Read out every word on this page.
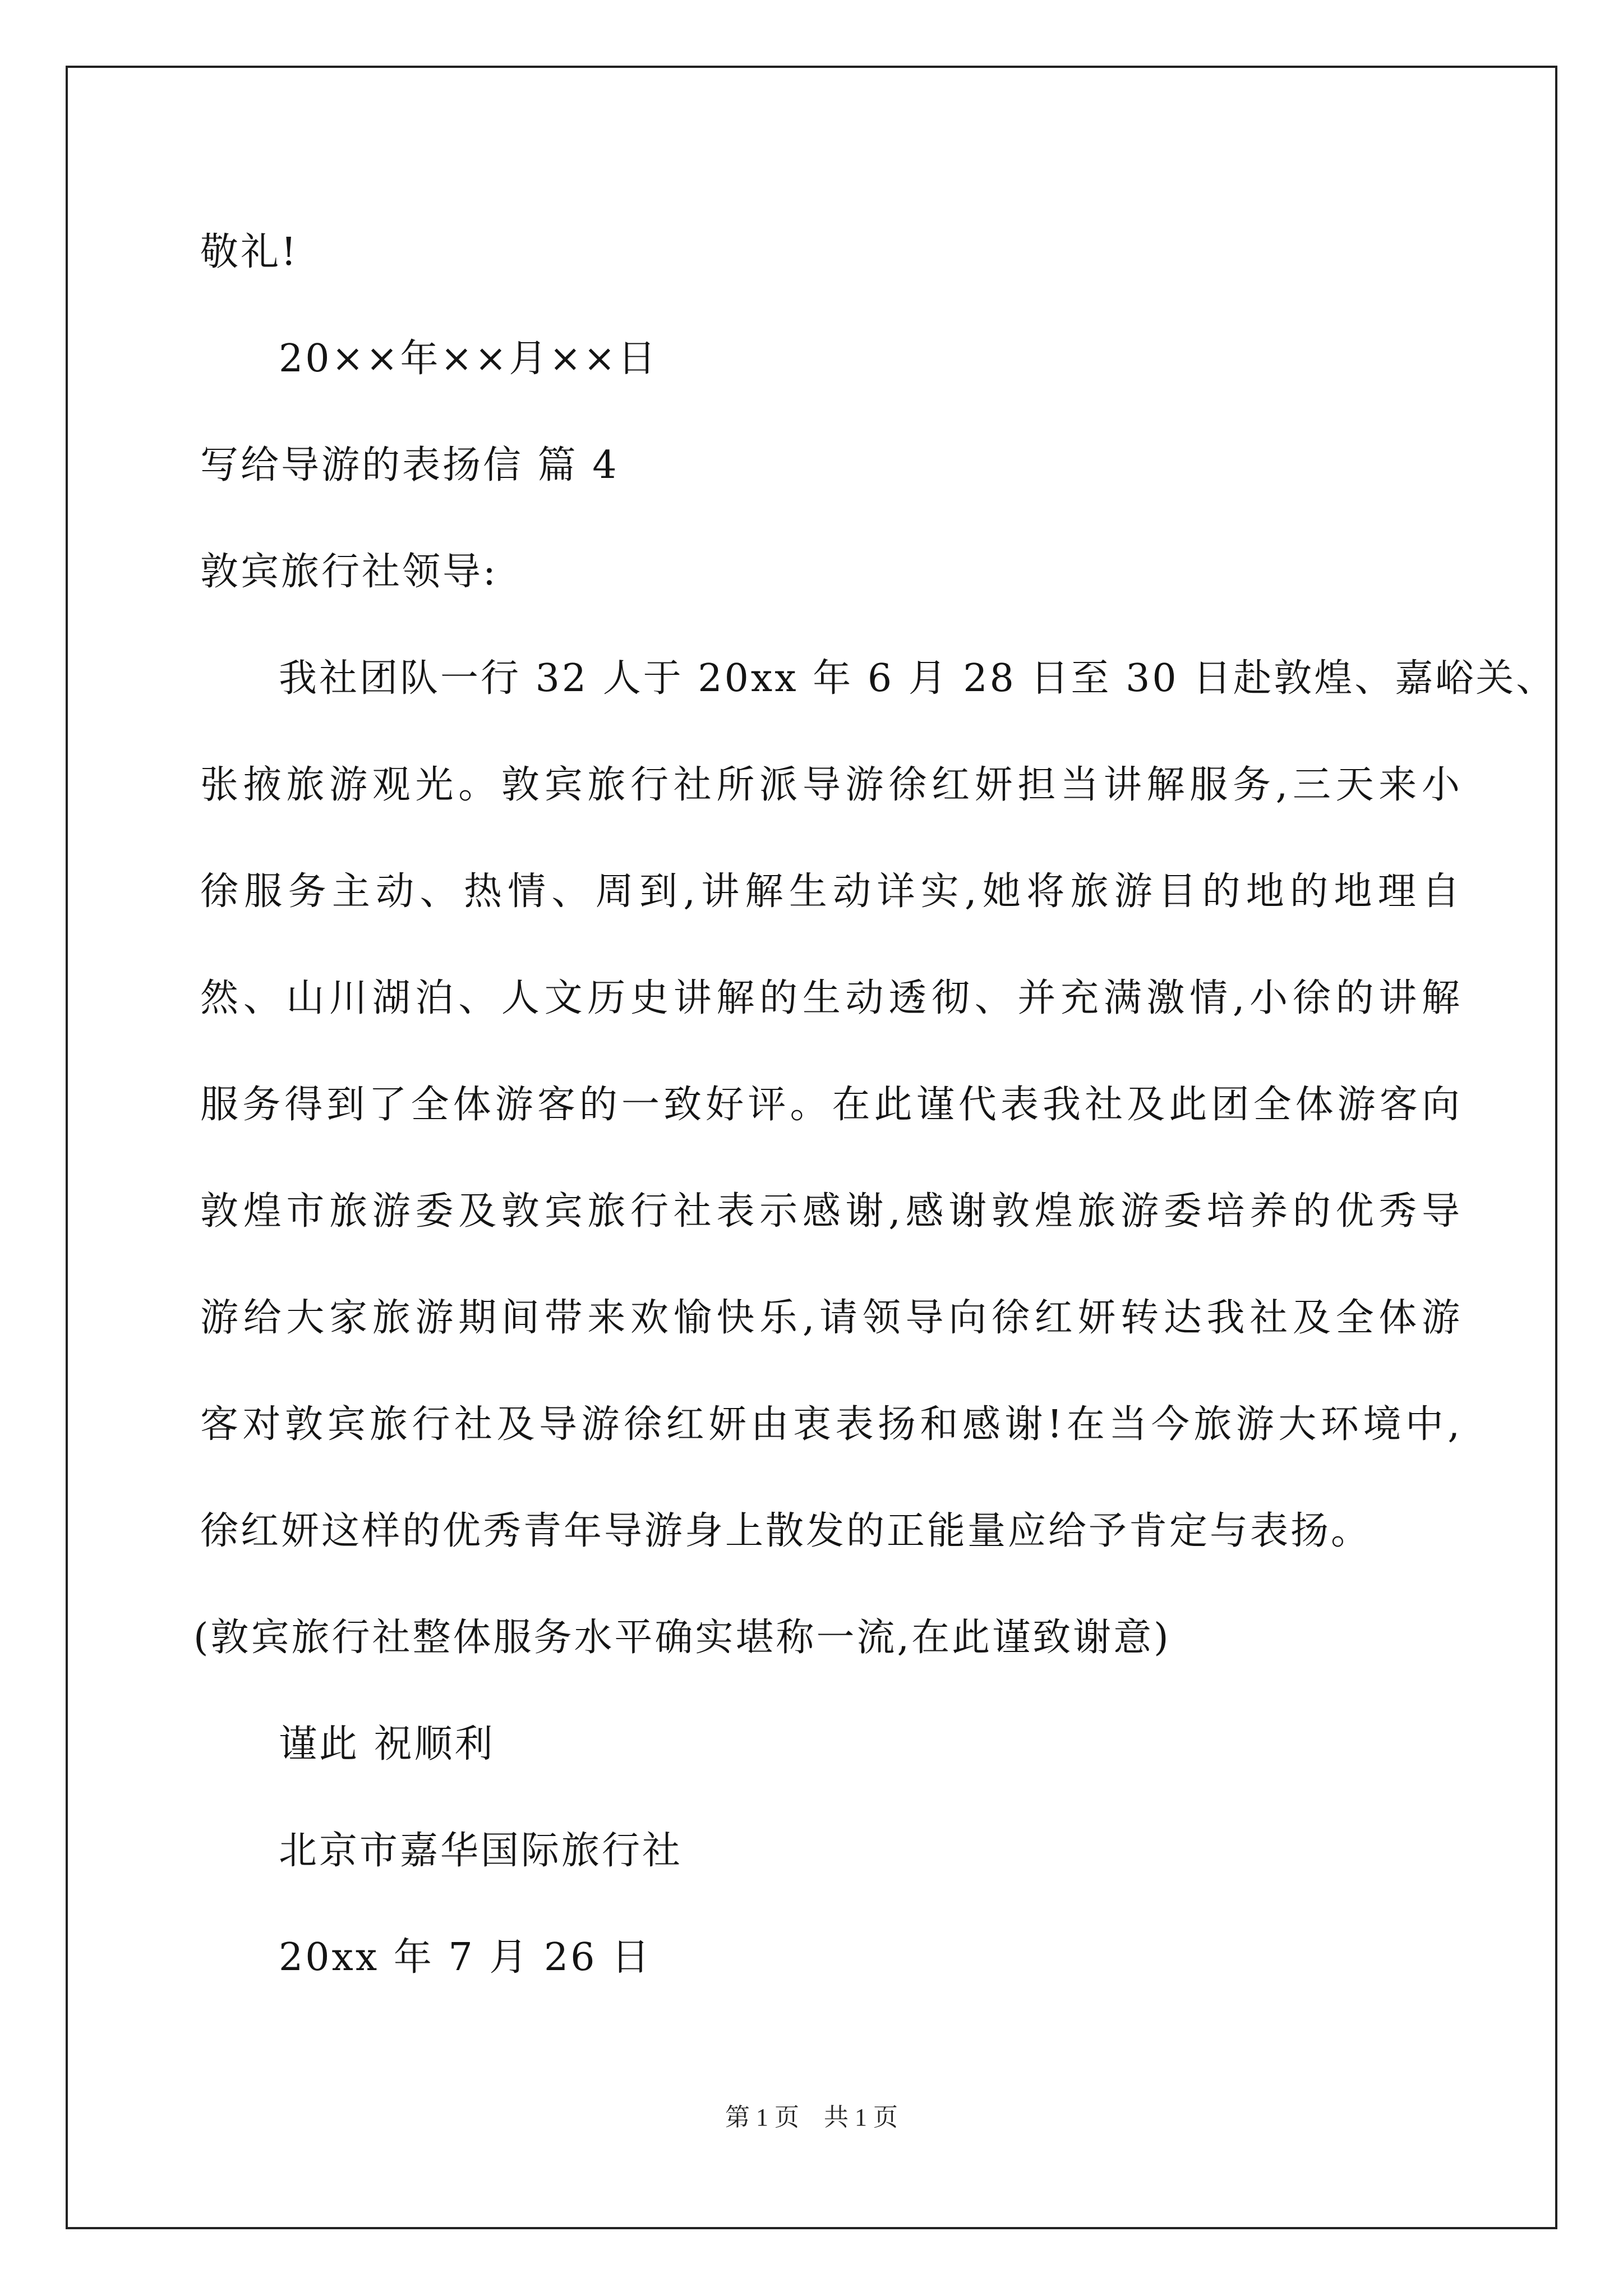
敬礼!
20××年××月××日
写给导游的表扬信 篇 4
敦宾旅行社领导:
我社团队一行 32 人于 20xx 年 6 月 28 日至 30 日赴敦煌、嘉峪关、
张掖旅游观光。敦宾旅行社所派导游徐红妍担当讲解服务,三天来小
徐服务主动、热情、周到,讲解生动详实,她将旅游目的地的地理自
然、山川湖泊、人文历史讲解的生动透彻、并充满激情,小徐的讲解
服务得到了全体游客的一致好评。在此谨代表我社及此团全体游客向
敦煌市旅游委及敦宾旅行社表示感谢,感谢敦煌旅游委培养的优秀导
游给大家旅游期间带来欢愉快乐,请领导向徐红妍转达我社及全体游
客对敦宾旅行社及导游徐红妍由衷表扬和感谢!在当今旅游大环境中,
徐红妍这样的优秀青年导游身上散发的正能量应给予肯定与表扬。
(敦宾旅行社整体服务水平确实堪称一流,在此谨致谢意)
谨此 祝顺利
北京市嘉华国际旅行社
20xx 年 7 月 26 日
第 1 页　共 1 页
